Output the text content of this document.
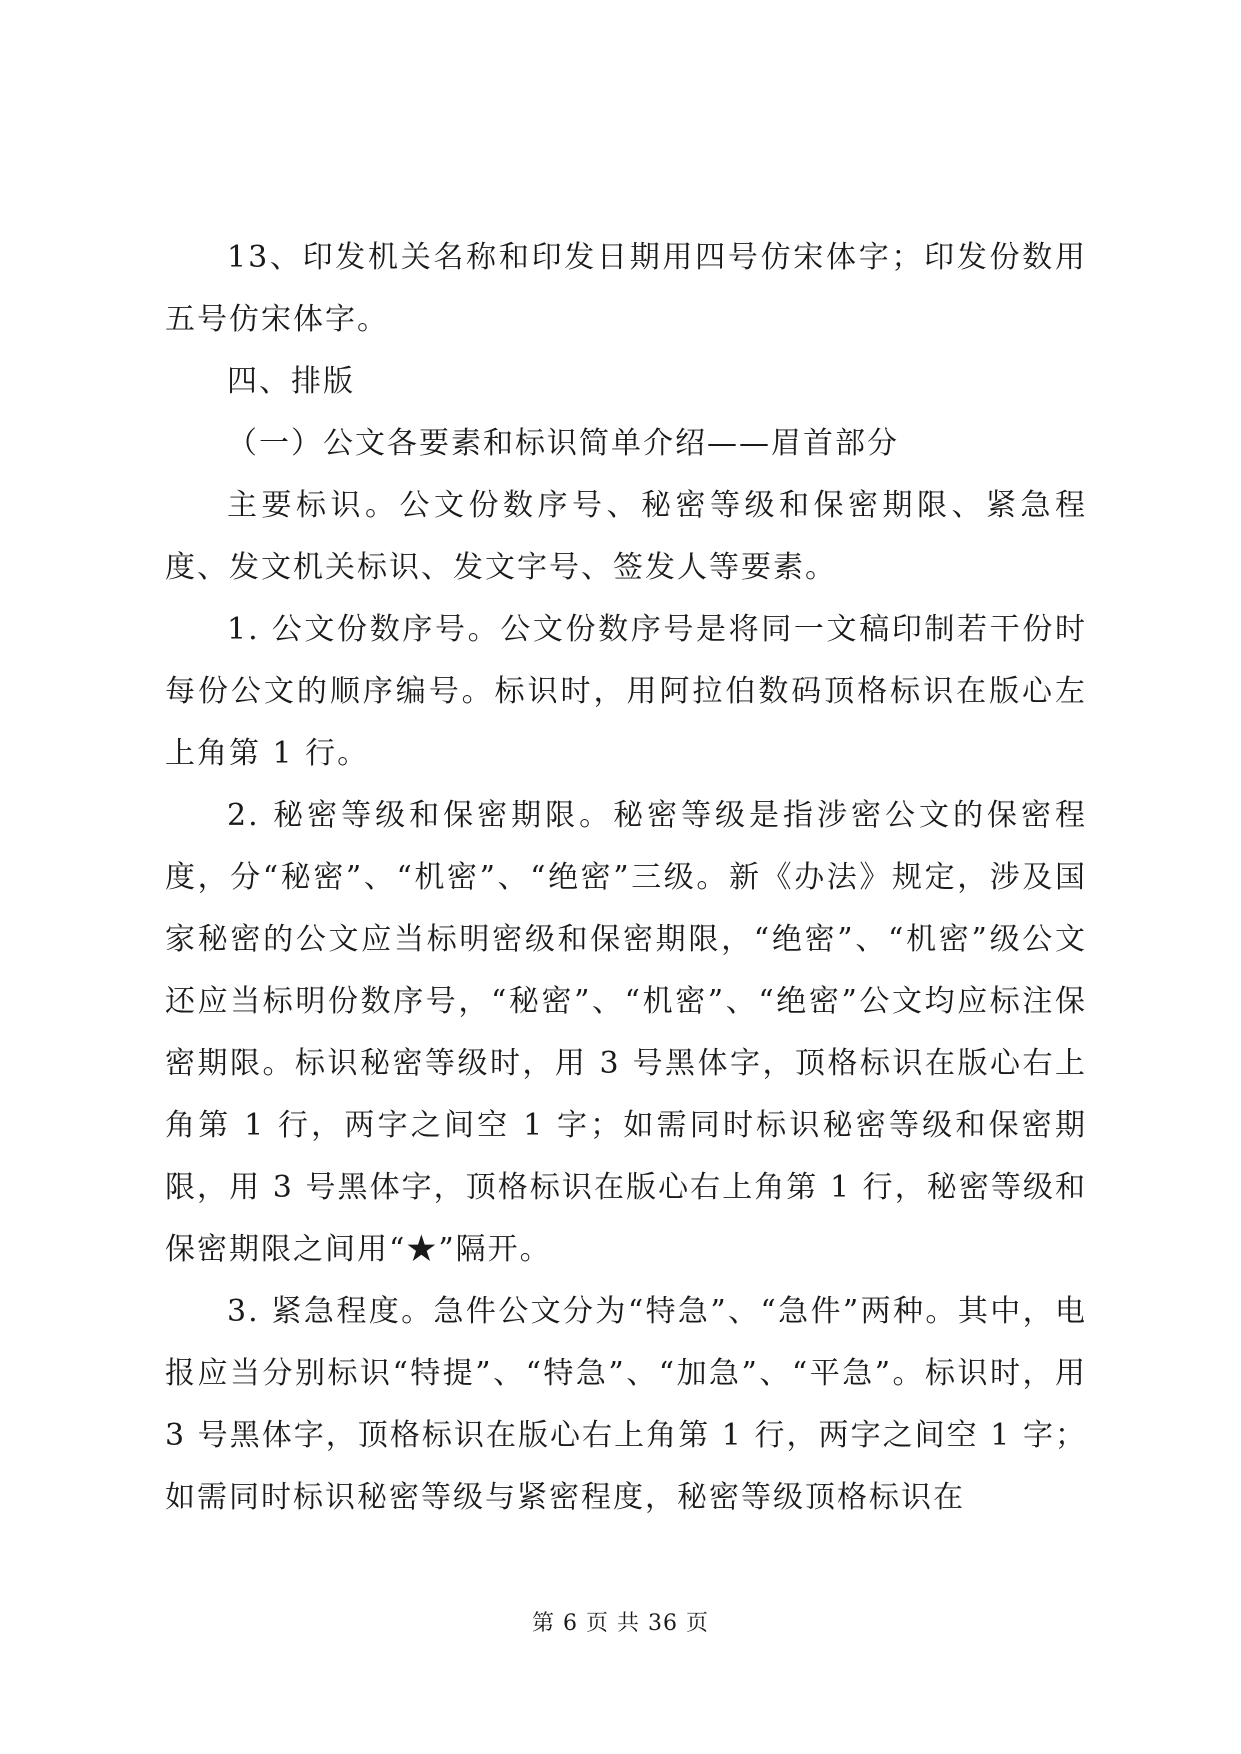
13、印发机关名称和印发日期用四号仿宋体字；印发份数用五号仿宋体字。

四、排版

（一）公文各要素和标识简单介绍——眉首部分

主要标识。公文份数序号、秘密等级和保密期限、紧急程度、发文机关标识、发文字号、签发人等要素。

1. 公文份数序号。公文份数序号是将同一文稿印制若干份时每份公文的顺序编号。标识时，用阿拉伯数码顶格标识在版心左上角第 1 行。

2. 秘密等级和保密期限。秘密等级是指涉密公文的保密程度，分“秘密”、“机密”、“绝密”三级。新《办法》规定，涉及国家秘密的公文应当标明密级和保密期限，“绝密”、“机密”级公文还应当标明份数序号，“秘密”、“机密”、“绝密”公文均应标注保密期限。标识秘密等级时，用 3 号黑体字，顶格标识在版心右上角第 1 行，两字之间空 1 字；如需同时标识秘密等级和保密期限，用 3 号黑体字，顶格标识在版心右上角第 1 行，秘密等级和保密期限之间用“★”隔开。

3. 紧急程度。急件公文分为“特急”、“急件”两种。其中，电报应当分别标识“特提”、“特急”、“加急”、“平急”。标识时，用 3 号黑体字，顶格标识在版心右上角第 1 行，两字之间空 1 字；如需同时标识秘密等级与紧密程度，秘密等级顶格标识在

第 6 页 共 36 页
